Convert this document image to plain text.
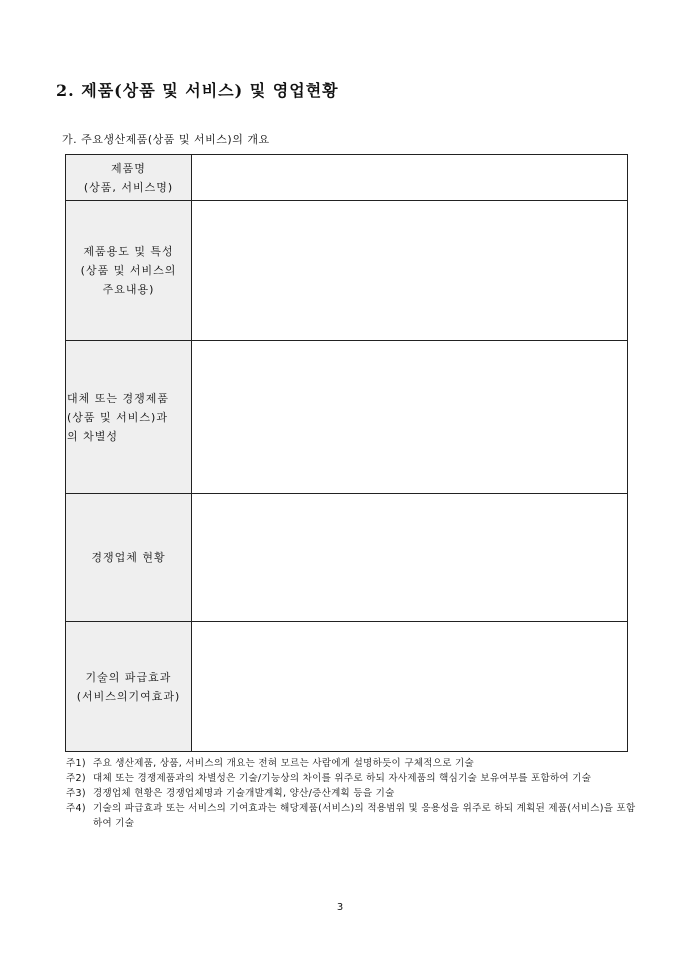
2. 제품(상품 및 서비스) 및 영업현황

가. 주요생산제품(상품 및 서비스)의 개요

제품명
(상품, 서비스명)	

제품용도 및 특성
(상품 및 서비스의
주요내용)	

대체 또는 경쟁제품
(상품 및 서비스)과
의 차별성	

경쟁업체 현황	

기술의 파급효과
(서비스의기여효과)	

주1) 주요 생산제품, 상품, 서비스의 개요는 전혀 모르는 사람에게 설명하듯이 구체적으로 기술
주2) 대체 또는 경쟁제품과의 차별성은 기술/기능상의 차이를 위주로 하되 자사제품의 핵심기술 보유여부를 포함하여 기술
주3) 경쟁업체 현황은 경쟁업체명과 기술개발계획, 양산/증산계획 등을 기술
주4) 기술의 파급효과 또는 서비스의 기여효과는 해당제품(서비스)의 적용범위 및 응용성을 위주로 하되 계획된 제품(서비스)을 포함하여 기술
3
